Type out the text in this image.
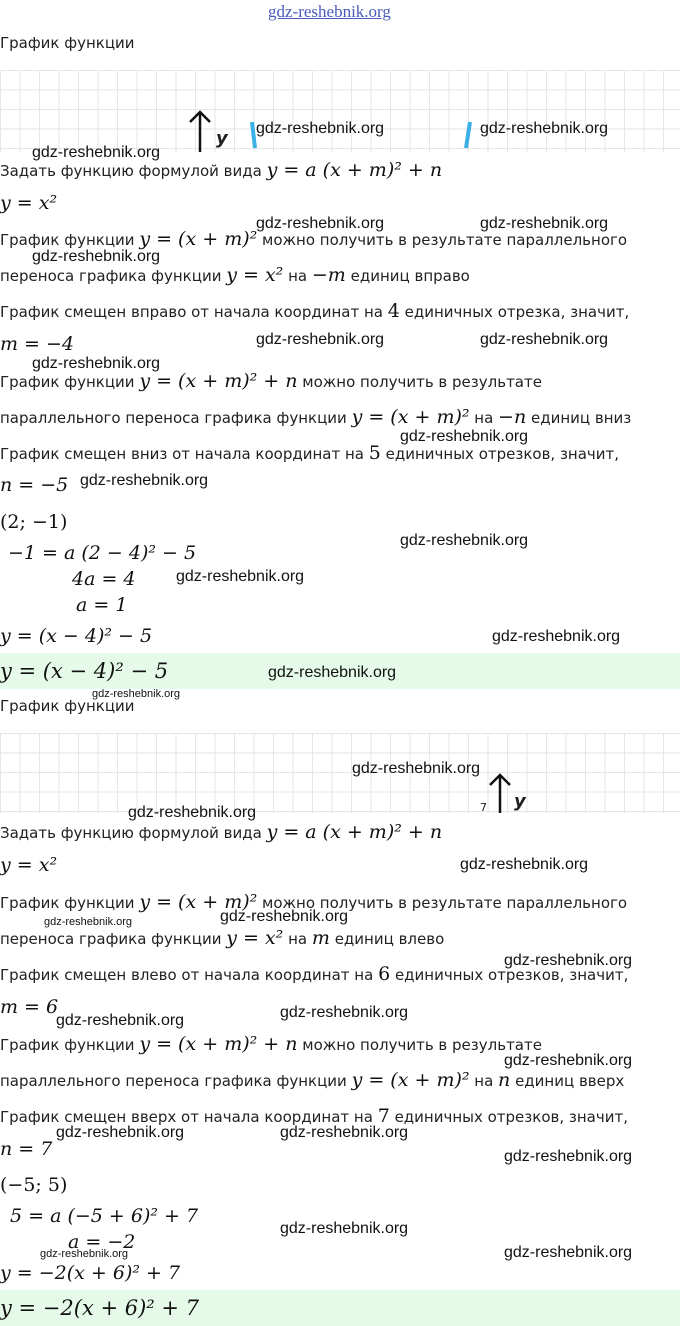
gdz-reshebnik.org
График функции
y
Задать функцию формулой вида y = a (x + m)² + n
y = x²
График функции y = (x + m)² можно получить в результате параллельного
переноса графика функции y = x² на −m единиц вправо
График смещен вправо от начала координат на 4 единичных отрезка, значит,
m = −4
График функции y = (x + m)² + n можно получить в результате
параллельного переноса графика функции y = (x + m)² на −n единиц вниз
График смещен вниз от начала координат на 5 единичных отрезков, значит,
n = −5
(2; −1)
−1 = a (2 − 4)² − 5
4a = 4
a = 1
y = (x − 4)² − 5
y = (x − 4)² − 5
График функции
y
7
Задать функцию формулой вида y = a (x + m)² + n
y = x²
График функции y = (x + m)² можно получить в результате параллельного
переноса графика функции y = x² на m единиц влево
График смещен влево от начала координат на 6 единичных отрезков, значит,
m = 6
График функции y = (x + m)² + n можно получить в результате
параллельного переноса графика функции y = (x + m)² на n единиц вверх
График смещен вверх от начала координат на 7 единичных отрезков, значит,
n = 7
(−5; 5)
5 = a (−5 + 6)² + 7
a = −2
y = −2(x + 6)² + 7
y = −2(x + 6)² + 7
gdz-reshebnik.org	gdz-reshebnik.org
gdz-reshebnik.org
gdz-reshebnik.org	gdz-reshebnik.org
gdz-reshebnik.org
gdz-reshebnik.org	gdz-reshebnik.org
gdz-reshebnik.org
gdz-reshebnik.org
gdz-reshebnik.org
gdz-reshebnik.org
gdz-reshebnik.org
gdz-reshebnik.org
gdz-reshebnik.org
gdz-reshebnik.org
gdz-reshebnik.org
gdz-reshebnik.org
gdz-reshebnik.org
gdz-reshebnik.org
gdz-reshebnik.org
gdz-reshebnik.org
gdz-reshebnik.org
gdz-reshebnik.org
gdz-reshebnik.org
gdz-reshebnik.org	gdz-reshebnik.org
gdz-reshebnik.org
gdz-reshebnik.org
gdz-reshebnik.org
gdz-reshebnik.org
